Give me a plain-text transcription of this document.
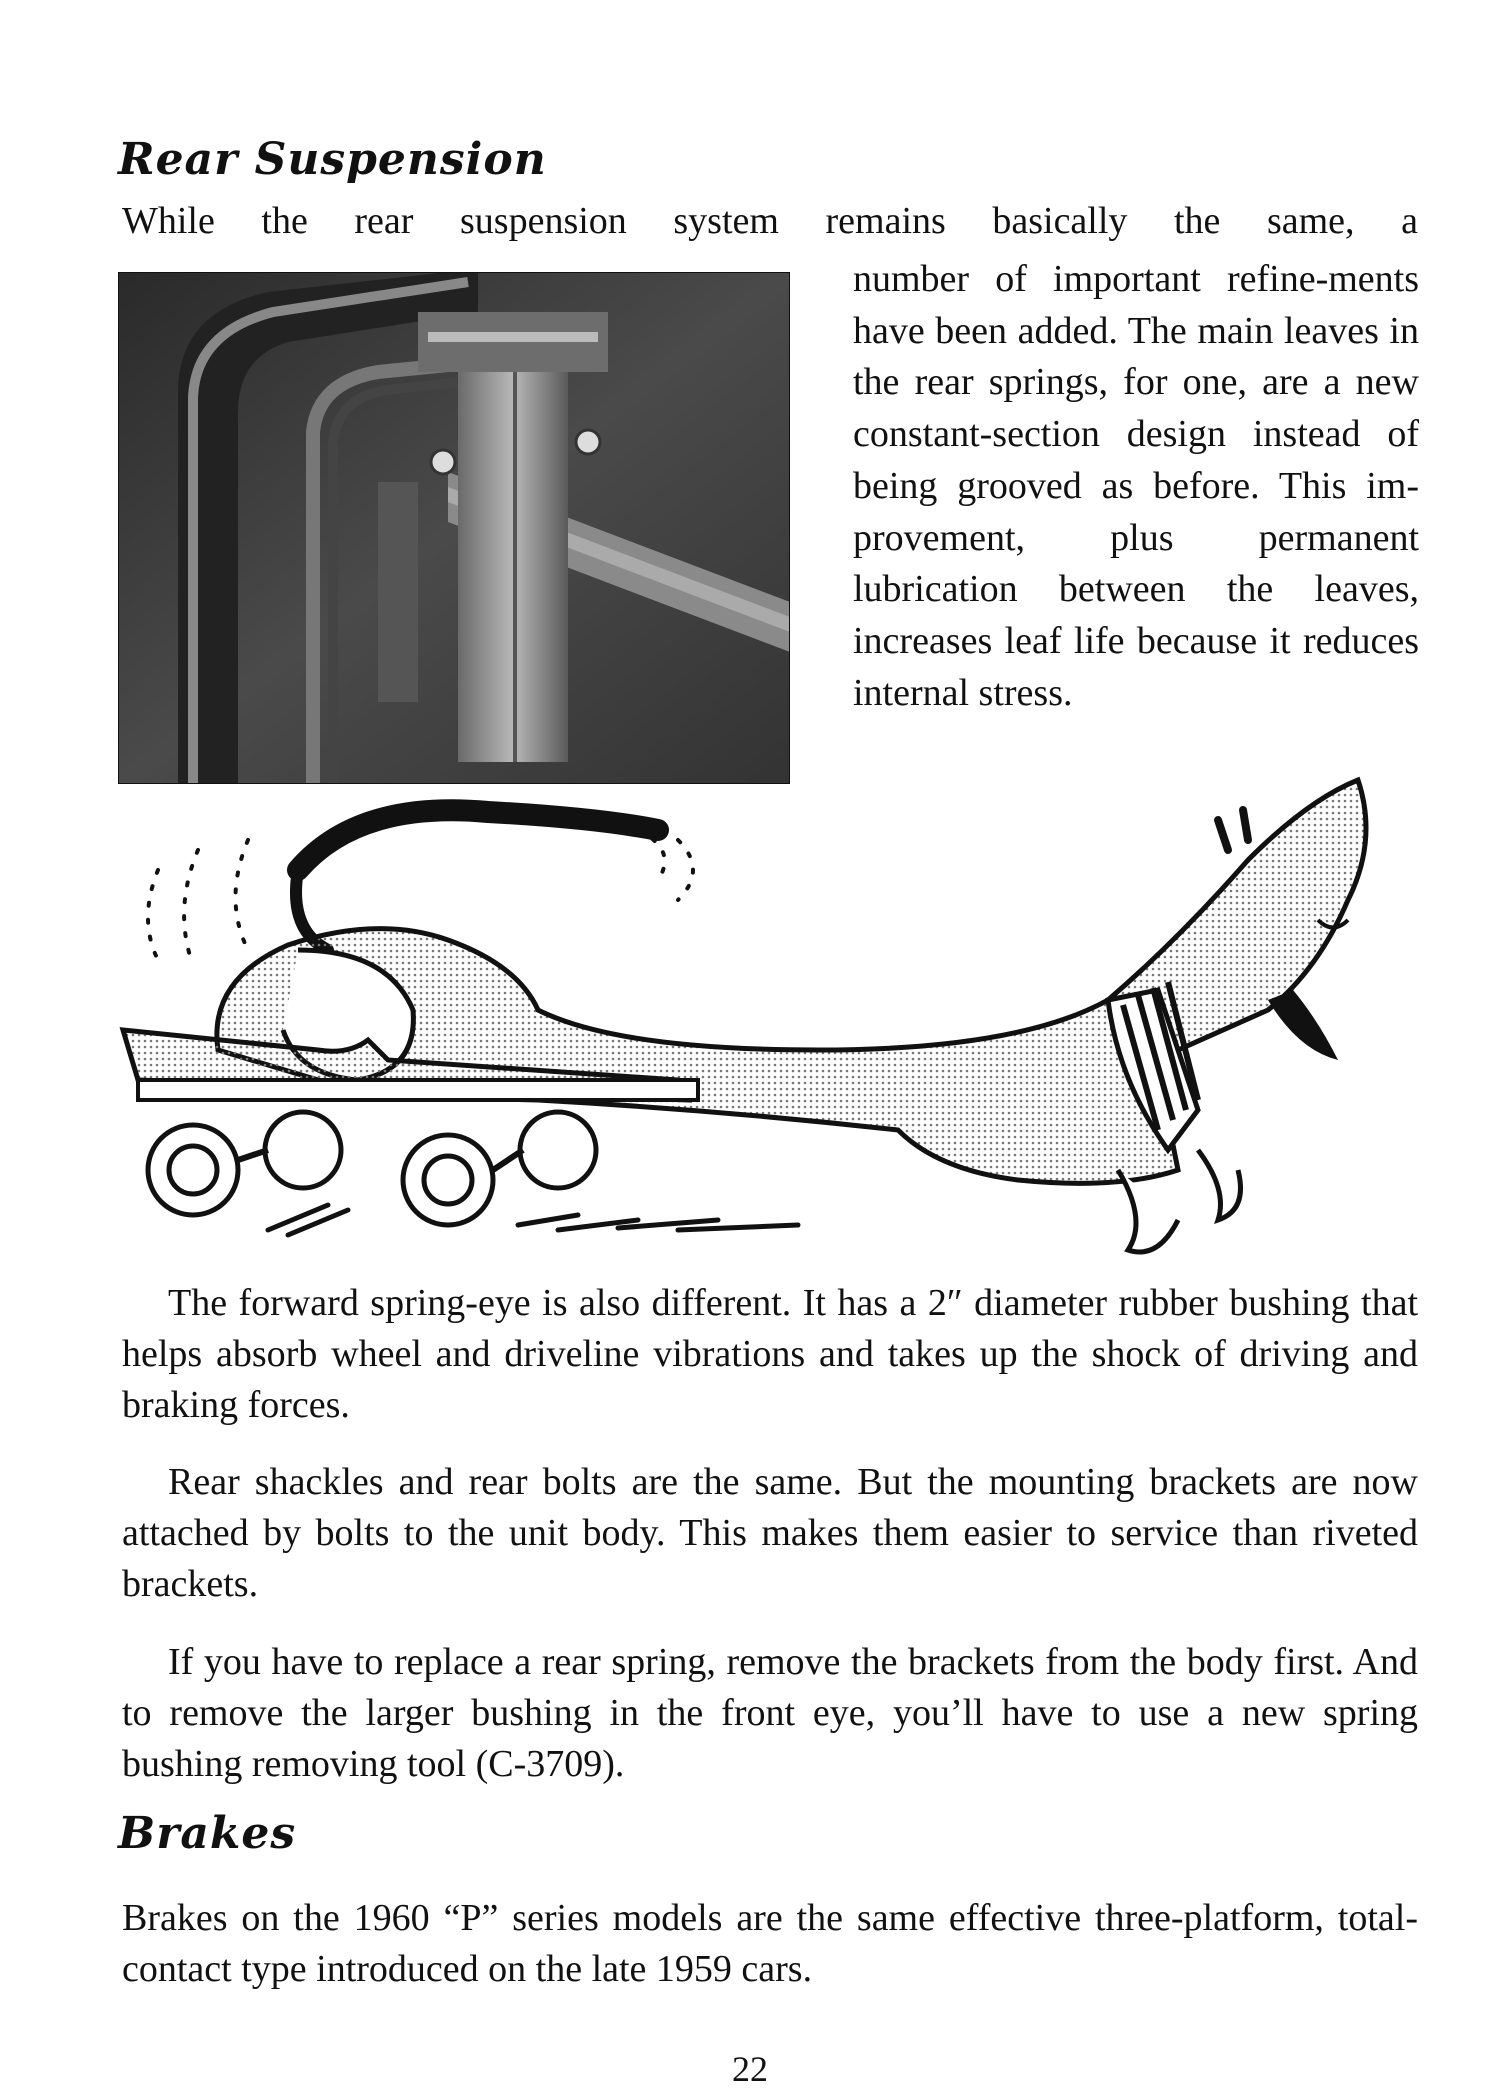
Rear Suspension
While the rear suspension system remains basically the same, a
number of important refine-ments have been added. The main leaves in the rear springs, for one, are a new constant-section design instead of being grooved as before. This im-provement, plus permanent lubrication between the leaves, increases leaf life because it reduces internal stress.

The forward spring-eye is also different. It has a 2″ diameter rubber bushing that helps absorb wheel and driveline vibrations and takes up the shock of driving and braking forces.

Rear shackles and rear bolts are the same. But the mounting brackets are now attached by bolts to the unit body. This makes them easier to service than riveted brackets.

If you have to replace a rear spring, remove the brackets from the body first. And to remove the larger bushing in the front eye, you’ll have to use a new spring bushing removing tool (C-3709).

Brakes

Brakes on the 1960 “P” series models are the same effective three-platform, total-contact type introduced on the late 1959 cars.

22
